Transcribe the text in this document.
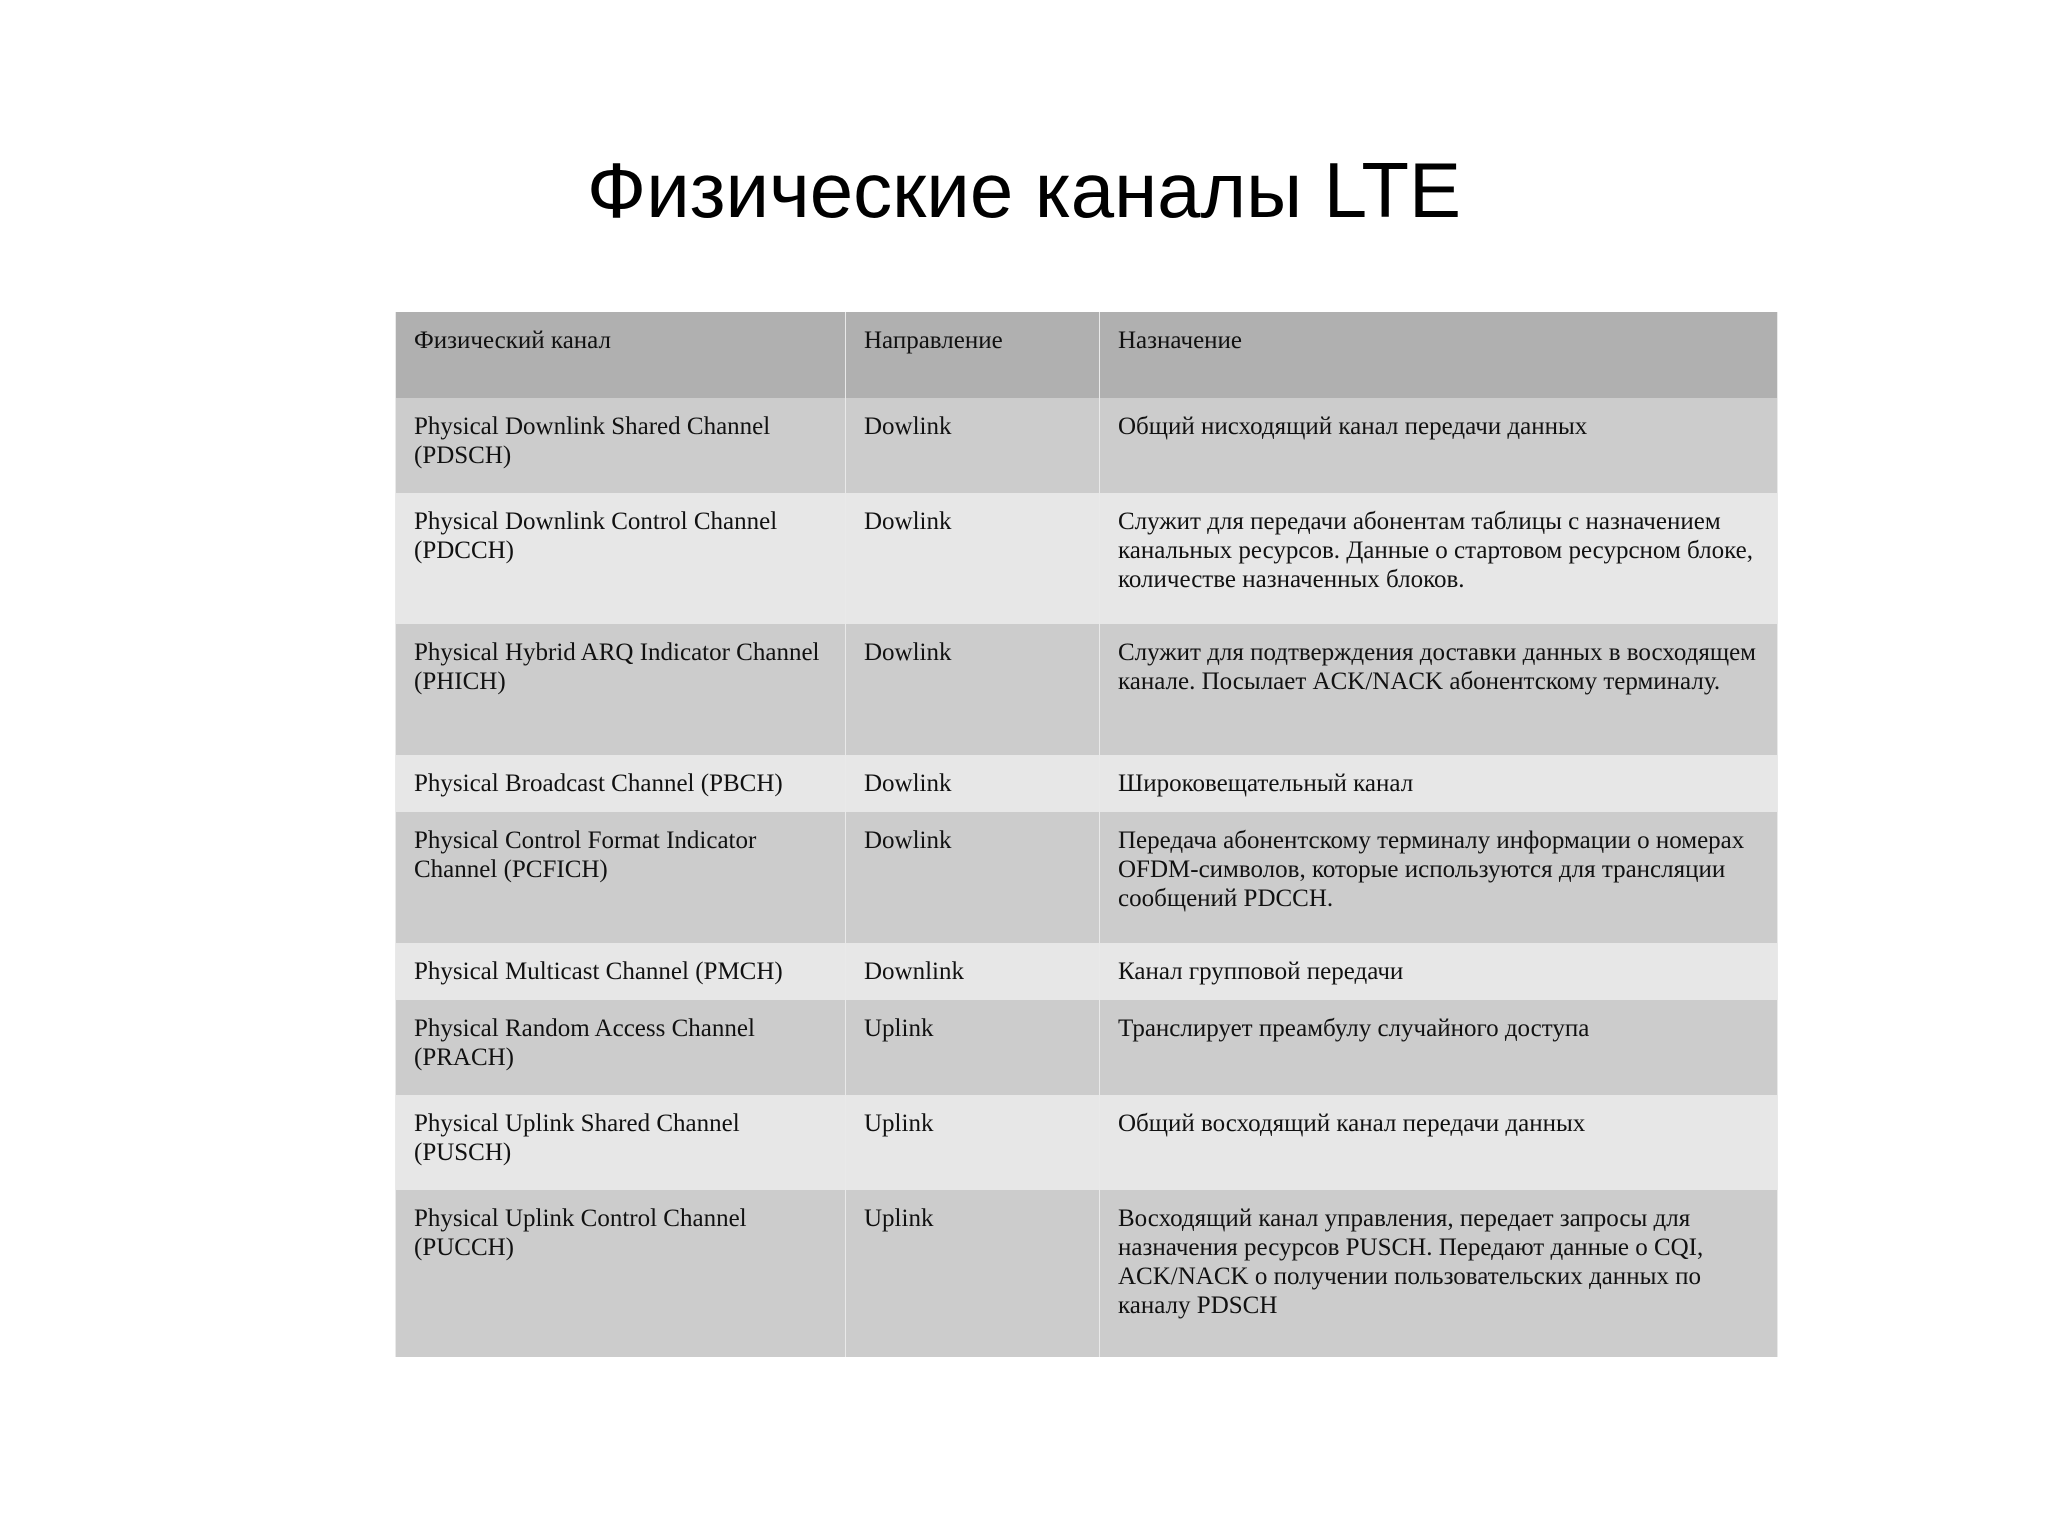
Физические каналы LTE
Физический канал	Направление	Назначение
Physical Downlink Shared Channel (PDSCH)	Dowlink	Общий нисходящий канал передачи данных
Physical Downlink Control Channel (PDCCH)	Dowlink	Служит для передачи абонентам таблицы с назначением канальных ресурсов. Данные о стартовом ресурсном блоке, количестве назначенных блоков.
Physical Hybrid ARQ Indicator Channel (PHICH)	Dowlink	Служит для подтверждения доставки данных в восходящем канале. Посылает ACK/NACK абонентскому терминалу.
Physical Broadcast Channel (PBCH)	Dowlink	Широковещательный канал
Physical Control Format Indicator Channel (PCFICH)	Dowlink	Передача абонентскому терминалу информации о номерах OFDM-символов, которые используются для трансляции сообщений PDCCH.
Physical Multicast Channel (PMCH)	Downlink	Канал групповой передачи
Physical Random Access Channel (PRACH)	Uplink	Транслирует преамбулу случайного доступа
Physical Uplink Shared Channel (PUSCH)	Uplink	Общий восходящий канал передачи данных
Physical Uplink Control Channel (PUCCH)	Uplink	Восходящий канал управления, передает запросы для назначения ресурсов PUSCH. Передают данные о CQI, ACK/NACK о получении пользовательских данных по каналу PDSCH
